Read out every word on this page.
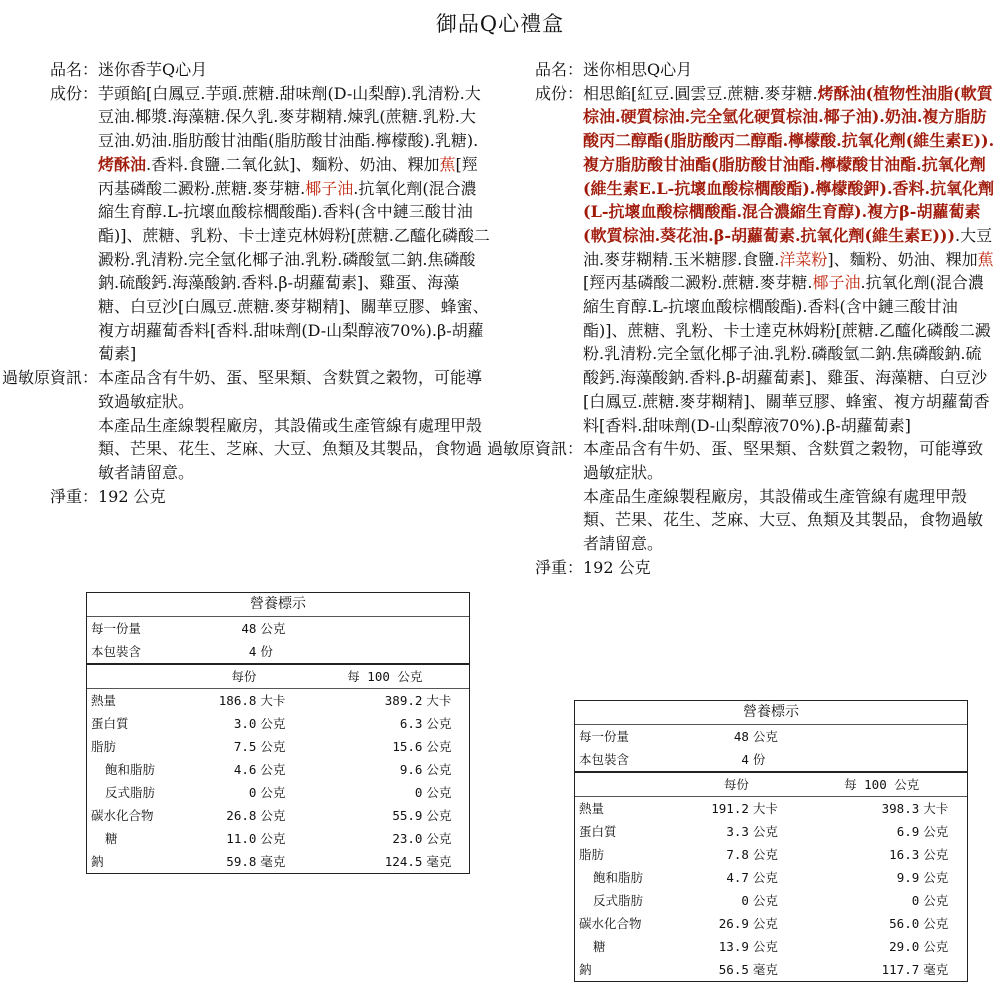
御品Q心禮盒
品名： 迷你香芋Q心月
成份： 芋頭餡[白鳳豆.芋頭.蔗糖.甜味劑(D-山梨醇).乳清粉.大豆油.椰漿.海藻糖.保久乳.麥芽糊精.煉乳(蔗糖.乳粉.大豆油.奶油.脂肪酸甘油酯(脂肪酸甘油酯.檸檬酸).乳糖).烤酥油.香料.食鹽.二氧化鈦]、麵粉、奶油、粿加蕉[羥丙基磷酸二澱粉.蔗糖.麥芽糖.椰子油.抗氧化劑(混合濃縮生育醇.L-抗壞血酸棕櫚酸酯).香料(含中鏈三酸甘油酯)]、蔗糖、乳粉、卡士達克林姆粉[蔗糖.乙醯化磷酸二澱粉.乳清粉.完全氫化椰子油.乳粉.磷酸氫二鈉.焦磷酸鈉.硫酸鈣.海藻酸鈉.香料.β-胡蘿蔔素]、雞蛋、海藻糖、白豆沙[白鳳豆.蔗糖.麥芽糊精]、關華豆膠、蜂蜜、複方胡蘿蔔香料[香料.甜味劑(D-山梨醇液70%).β-胡蘿蔔素]
過敏原資訊： 本產品含有牛奶、蛋、堅果類、含麩質之穀物，可能導致過敏症狀。
本產品生產線製程廠房，其設備或生產管線有處理甲殼類、芒果、花生、芝麻、大豆、魚類及其製品，食物過敏者請留意。
淨重： 192 公克
營養標示				
每一份量	48	公克		
本包裝含	4	份		
	每份		每 100 公克	
熱量	186.8	大卡	389.2	大卡
蛋白質	3.0	公克	6.3	公克
脂肪	7.5	公克	15.6	公克
飽和脂肪	4.6	公克	9.6	公克
反式脂肪	0	公克	0	公克
碳水化合物	26.8	公克	55.9	公克
糖	11.0	公克	23.0	公克
鈉	59.8	毫克	124.5	毫克
品名： 迷你相思Q心月
成份： 相思餡[紅豆.圓雲豆.蔗糖.麥芽糖.烤酥油(植物性油脂(軟質棕油.硬質棕油.完全氫化硬質棕油.椰子油).奶油.複方脂肪酸丙二醇酯(脂肪酸丙二醇酯.檸檬酸.抗氧化劑(維生素E)).複方脂肪酸甘油酯(脂肪酸甘油酯.檸檬酸甘油酯.抗氧化劑(維生素E.L-抗壞血酸棕櫚酸酯).檸檬酸鉀).香料.抗氧化劑(L-抗壞血酸棕櫚酸酯.混合濃縮生育醇).複方β-胡蘿蔔素(軟質棕油.葵花油.β-胡蘿蔔素.抗氧化劑(維生素E))).大豆油.麥芽糊精.玉米糖膠.食鹽.洋菜粉]、麵粉、奶油、粿加蕉[羥丙基磷酸二澱粉.蔗糖.麥芽糖.椰子油.抗氧化劑(混合濃縮生育醇.L-抗壞血酸棕櫚酸酯).香料(含中鏈三酸甘油酯)]、蔗糖、乳粉、卡士達克林姆粉[蔗糖.乙醯化磷酸二澱粉.乳清粉.完全氫化椰子油.乳粉.磷酸氫二鈉.焦磷酸鈉.硫酸鈣.海藻酸鈉.香料.β-胡蘿蔔素]、雞蛋、海藻糖、白豆沙[白鳳豆.蔗糖.麥芽糊精]、關華豆膠、蜂蜜、複方胡蘿蔔香料[香料.甜味劑(D-山梨醇液70%).β-胡蘿蔔素]
過敏原資訊： 本產品含有牛奶、蛋、堅果類、含麩質之穀物，可能導致過敏症狀。
本產品生產線製程廠房，其設備或生產管線有處理甲殼類、芒果、花生、芝麻、大豆、魚類及其製品，食物過敏者請留意。
淨重： 192 公克
營養標示				
每一份量	48	公克		
本包裝含	4	份		
	每份		每 100 公克	
熱量	191.2	大卡	398.3	大卡
蛋白質	3.3	公克	6.9	公克
脂肪	7.8	公克	16.3	公克
飽和脂肪	4.7	公克	9.9	公克
反式脂肪	0	公克	0	公克
碳水化合物	26.9	公克	56.0	公克
糖	13.9	公克	29.0	公克
鈉	56.5	毫克	117.7	毫克
